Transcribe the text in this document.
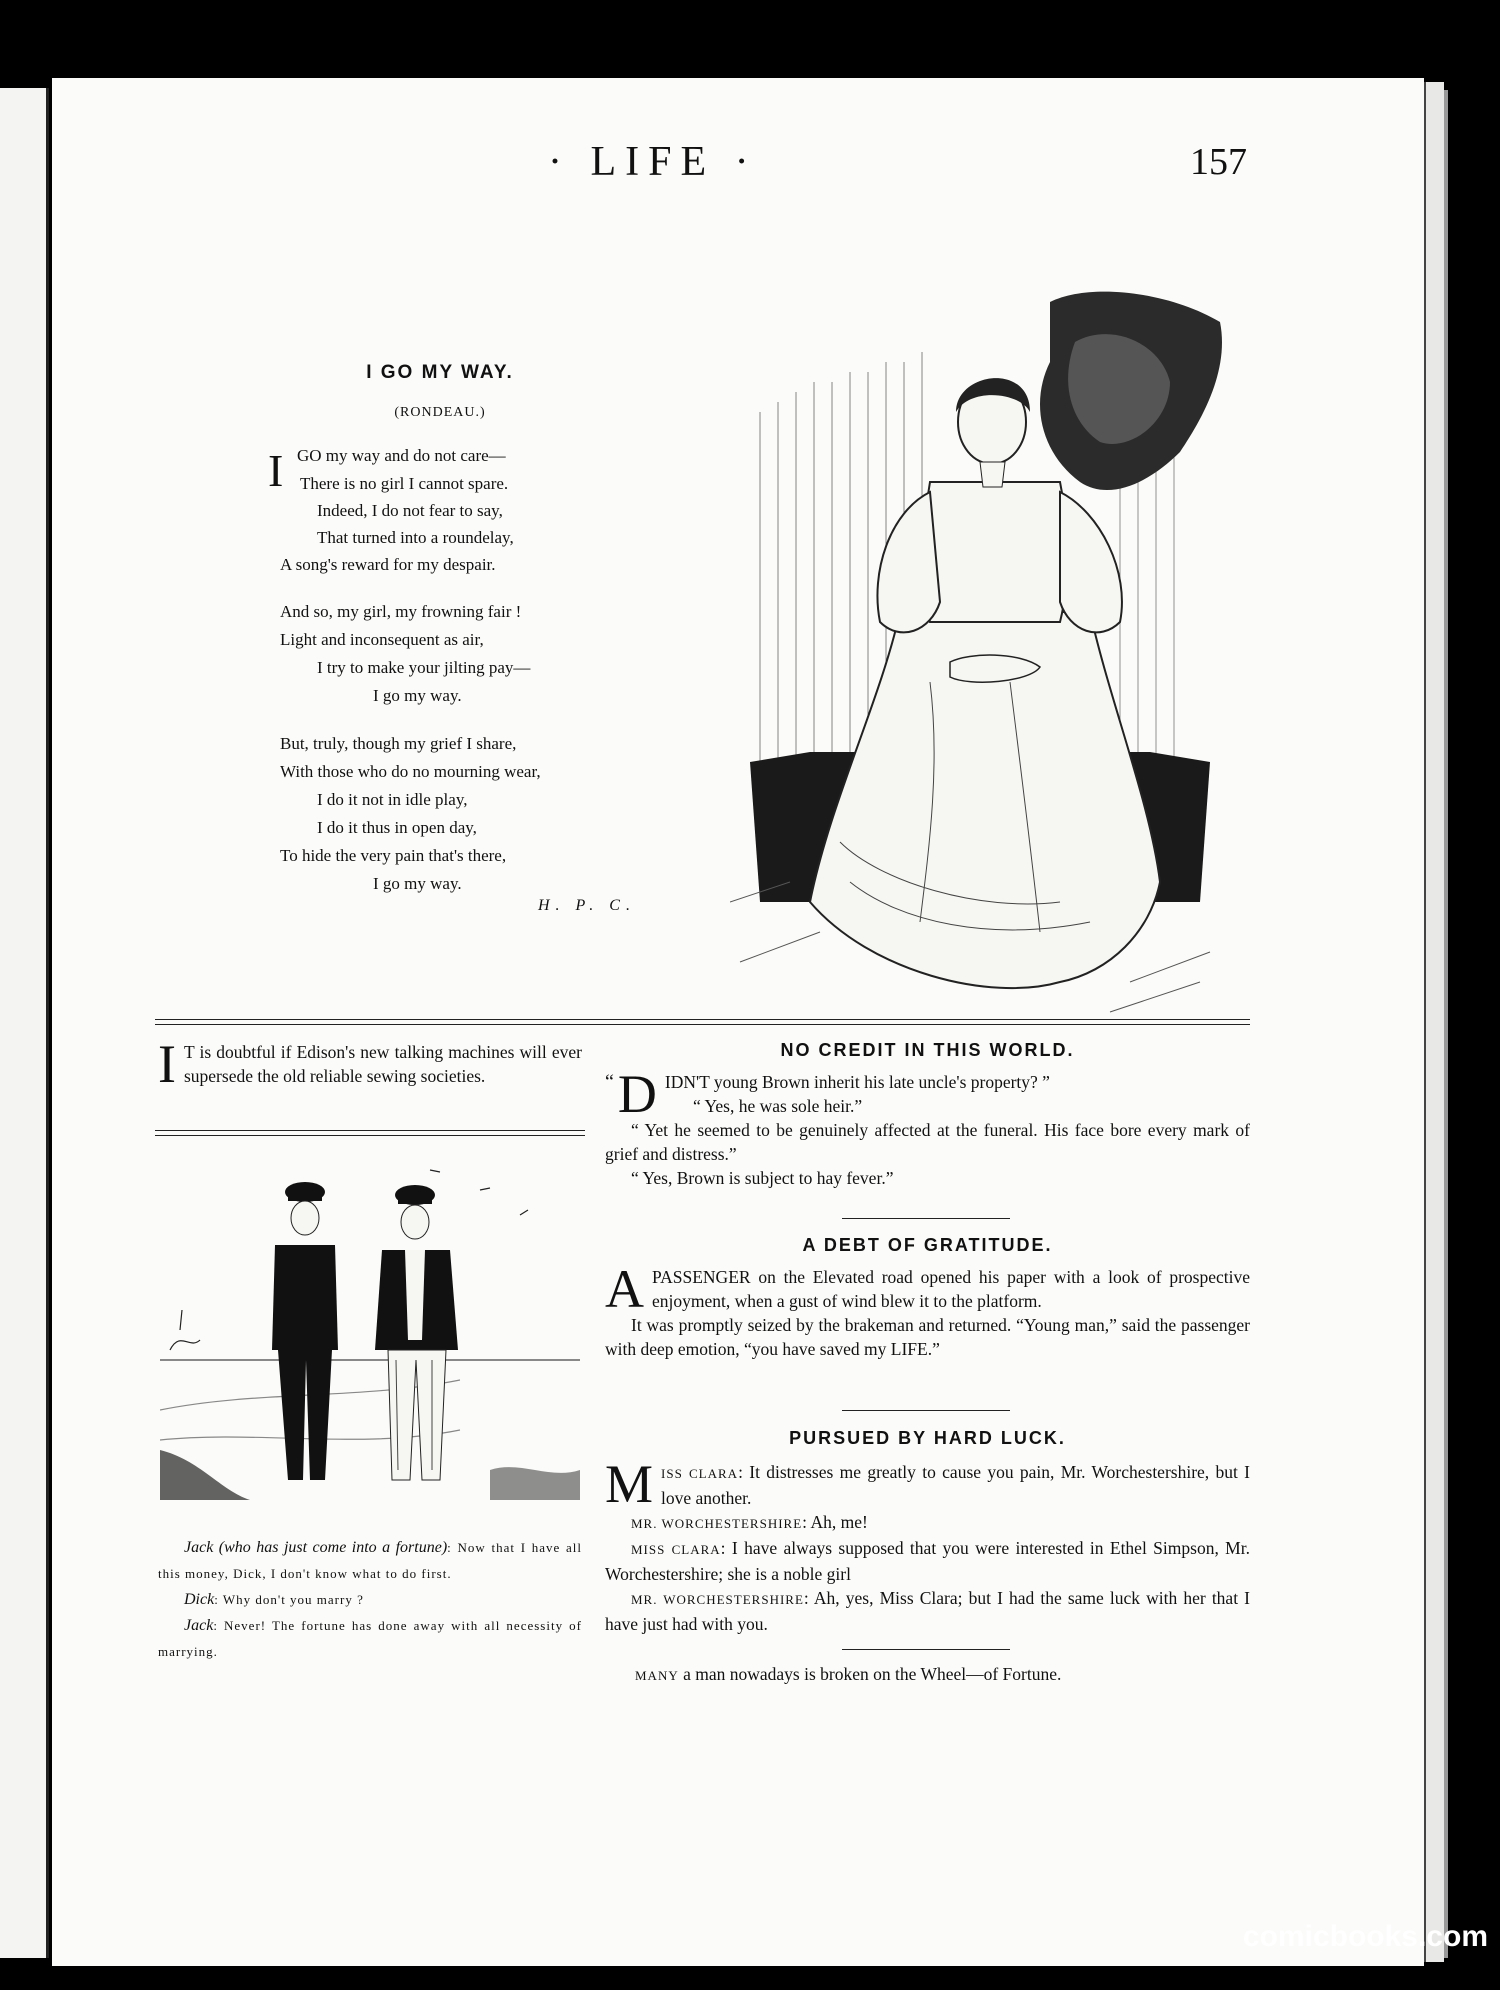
· LIFE ·	157
I GO MY WAY.
(RONDEAU.)
I GO my way and do not care—
There is no girl I cannot spare.
Indeed, I do not fear to say,
That turned into a roundelay,
A song's reward for my despair.
And so, my girl, my frowning fair !
Light and inconsequent as air,
I try to make your jilting pay—
I go my way.
But, truly, though my grief I share,
With those who do no mourning wear,
I do it not in idle play,
I do it thus in open day,
To hide the very pain that's there,
I go my way.
H. P. C.
I T is doubtful if Edison's new talking machines will ever supersede the old reliable sewing societies.
Jack (who has just come into a fortune): Now that I have all this money, Dick, I don't know what to do first.
Dick: Why don't you marry ?
Jack: Never! The fortune has done away with all necessity of marrying.
NO CREDIT IN THIS WORLD.
“ D IDN'T young Brown inherit his late uncle's property? ”
“ Yes, he was sole heir.”
“ Yet he seemed to be genuinely affected at the funeral. His face bore every mark of grief and distress.”
“ Yes, Brown is subject to hay fever.”
A DEBT OF GRATITUDE.
APASSENGER on the Elevated road opened his paper with a look of prospective enjoyment, when a gust of wind blew it to the platform.
It was promptly seized by the brakeman and returned. “Young man,” said the passenger with deep emotion, “you have saved my LIFE.”
PURSUED BY HARD LUCK.
MISS CLARA: It distresses me greatly to cause you pain, Mr. Worchestershire, but I love another.
MR. WORCHESTERSHIRE: Ah, me!
MISS CLARA: I have always supposed that you were interested in Ethel Simpson, Mr. Worchestershire; she is a noble girl
MR. WORCHESTERSHIRE: Ah, yes, Miss Clara; but I had the same luck with her that I have just had with you.
MANY a man nowadays is broken on the Wheel—of Fortune.
comicbooks.com
